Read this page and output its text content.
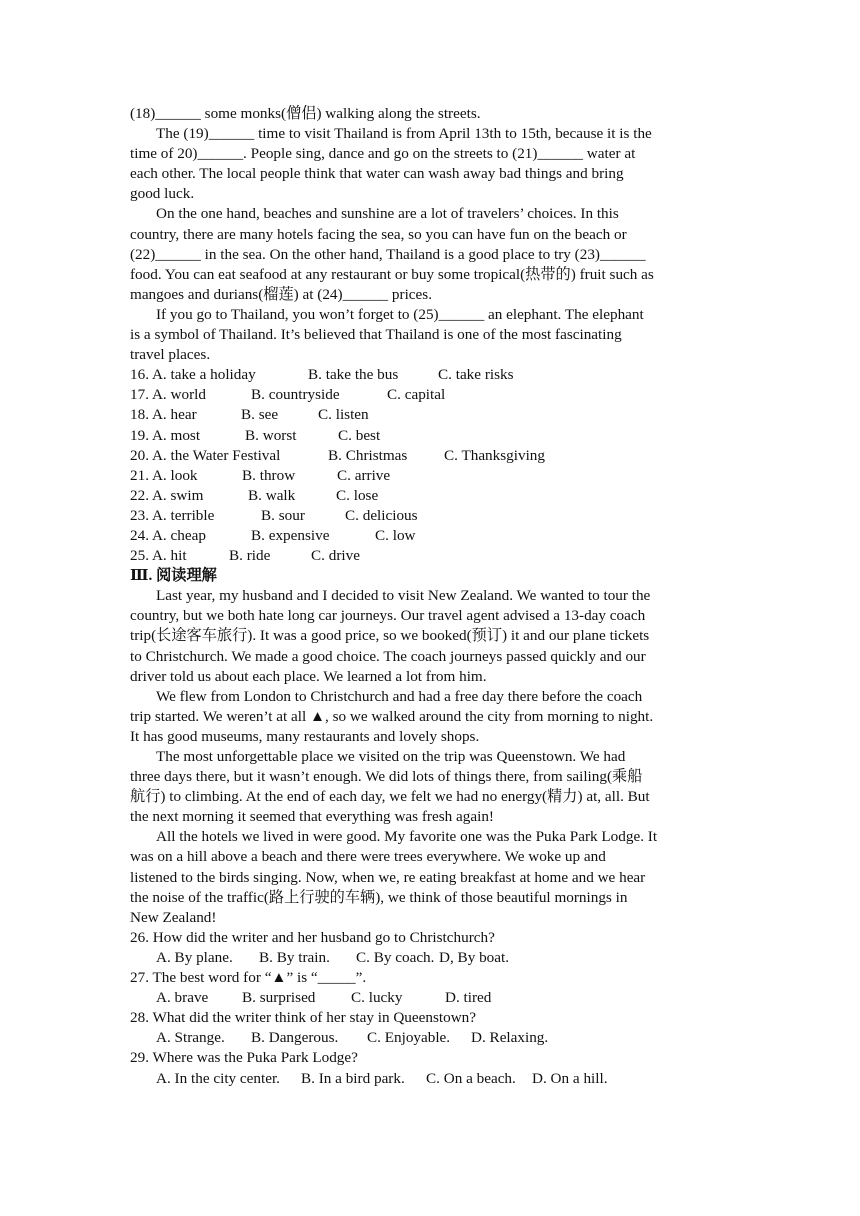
(18)______ some monks(僧侣) walking along the streets.
The (19)______ time to visit Thailand is from April 13th to 15th, because it is the
time of 20)______. People sing, dance and go on the streets to (21)______ water at
each other. The local people think that water can wash away bad things and bring
good luck.
On the one hand, beaches and sunshine are a lot of travelers’ choices. In this
country, there are many hotels facing the sea, so you can have fun on the beach or
(22)______ in the sea. On the other hand, Thailand is a good place to try (23)______
food. You can eat seafood at any restaurant or buy some tropical(热带的) fruit such as
mangoes and durians(榴莲) at (24)______ prices.
If you go to Thailand, you won’t forget to (25)______ an elephant. The elephant
is a symbol of Thailand. It’s believed that Thailand is one of the most fascinating
travel places.
16. A. take a holiday	B. take the bus	C. take risks
17. A. world	B. countryside	C. capital
18. A. hear	B. see	C. listen
19. A. most	B. worst	C. best
20. A. the Water Festival	B. Christmas	C. Thanksgiving
21. A. look	B. throw	C. arrive
22. A. swim	B. walk	C. lose
23. A. terrible	B. sour	C. delicious
24. A. cheap	B. expensive	C. low
25. A. hit	B. ride	C. drive
Ⅲ. 阅读理解
Last year, my husband and I decided to visit New Zealand. We wanted to tour the
country, but we both hate long car journeys. Our travel agent advised a 13-day coach
trip(长途客车旅行). It was a good price, so we booked(预订) it and our plane tickets
to Christchurch. We made a good choice. The coach journeys passed quickly and our
driver told us about each place. We learned a lot from him.
We flew from London to Christchurch and had a free day there before the coach
trip started. We weren’t at all ▲, so we walked around the city from morning to night.
It has good museums, many restaurants and lovely shops.
The most unforgettable place we visited on the trip was Queenstown. We had
three days there, but it wasn’t enough. We did lots of things there, from sailing(乘船
航行) to climbing. At the end of each day, we felt we had no energy(精力) at, all. But
the next morning it seemed that everything was fresh again!
All the hotels we lived in were good. My favorite one was the Puka Park Lodge. It
was on a hill above a beach and there were trees everywhere. We woke up and
listened to the birds singing. Now, when we, re eating breakfast at home and we hear
the noise of the traffic(路上行驶的车辆), we think of those beautiful mornings in
New Zealand!
26. How did the writer and her husband go to Christchurch?
A. By plane.	B. By train.	C. By coach. D, By boat.
27. The best word for “▲” is “_____”.
A. brave	B. surprised	C. lucky	D. tired
28. What did the writer think of her stay in Queenstown?
A. Strange.	B. Dangerous.	C. Enjoyable.	D. Relaxing.
29. Where was the Puka Park Lodge?
A. In the city center.	B. In a bird park.	C. On a beach.	D. On a hill.
